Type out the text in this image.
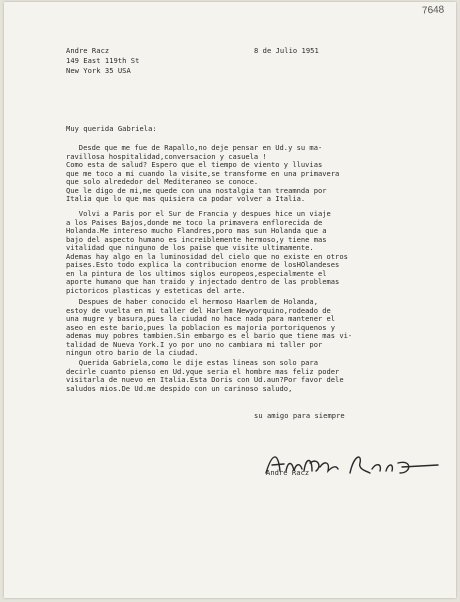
7648
Andre Racz
149 East 119th St
New York 35 USA
8 de Julio 1951
Muy querida Gabriela:
Desde que me fue de Rapallo,no deje pensar en Ud.y su ma-
ravillosa hospitalidad,conversacion y casuela !
Como esta de salud? Espero que el tiempo de viento y lluvias
que me toco a mi cuando la visite,se transforme en una primavera
que solo alrededor del Mediteraneo se conoce.
Que le digo de mi,me quede con una nostalgia tan treamnda por
Italia que lo que mas quisiera ca podar volver a Italia.
Volvi a Paris por el Sur de Francia y despues hice un viaje
a los Paises Bajos,donde me toco la primavera enflorecida de
Holanda.Me intereso mucho Flandres,poro mas sun Holanda que a
bajo del aspecto humano es increiblemente hermoso,y tiene mas
vitalidad que ninguno de los paise que visite ultimamente.
Ademas hay algo en la luminosidad del cielo que no existe en otros
paises.Esto todo explica la contribucion enorme de losHOlandeses
en la pintura de los ultimos siglos europeos,especialmente el
aporte humano que han traido y injectado dentro de las problemas
pictoricos plasticas y esteticas del arte.
Despues de haber conocido el hermoso Haarlem de Holanda,
estoy de vuelta en mi taller del Harlem Newyorquino,rodeado de
una mugre y basura,pues la ciudad no hace nada para mantener el
aseo en este bario,pues la poblacion es majoria portoriquenos y
ademas muy pobres tambien.Sin embargo es el bario que tiene mas vi-
talidad de Nueva York.I yo por uno no cambiara mi taller por
ningun otro bario de la ciudad.
Querida Gabriela,como le dije estas lineas son solo para
decirle cuanto pienso en Ud.yque seria el hombre mas feliz poder
visitarla de nuevo en Italia.Esta Doris con Ud.aun?Por favor dele
saludos mios.De Ud.me despido con un carinoso saludo,
su amigo para siempre
Andre Racz
